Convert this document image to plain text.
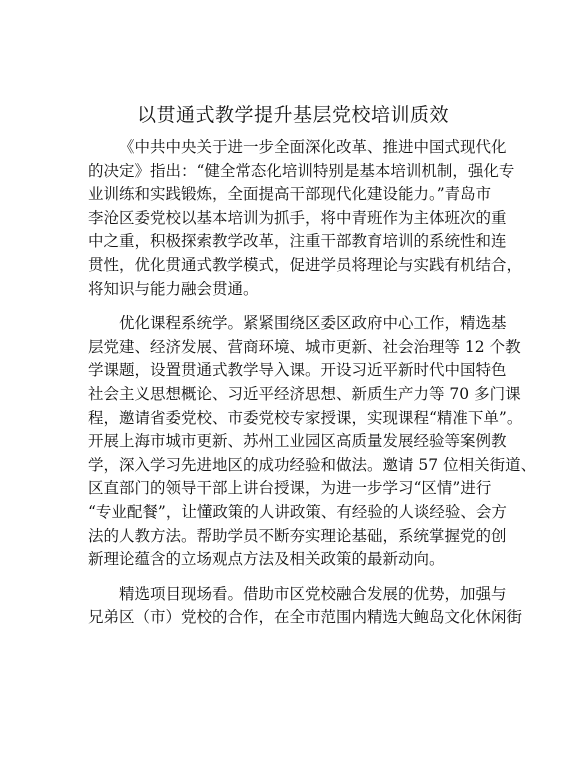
以贯通式教学提升基层党校培训质效
《中共中央关于进一步全面深化改革、推进中国式现代化
的决定》指出：“健全常态化培训特别是基本培训机制，强化专
业训练和实践锻炼，全面提高干部现代化建设能力。”青岛市
李沧区委党校以基本培训为抓手，将中青班作为主体班次的重
中之重，积极探索教学改革，注重干部教育培训的系统性和连
贯性，优化贯通式教学模式，促进学员将理论与实践有机结合，
将知识与能力融会贯通。
优化课程系统学。紧紧围绕区委区政府中心工作，精选基
层党建、经济发展、营商环境、城市更新、社会治理等 12 个教
学课题，设置贯通式教学导入课。开设习近平新时代中国特色
社会主义思想概论、习近平经济思想、新质生产力等 70 多门课
程，邀请省委党校、市委党校专家授课，实现课程“精准下单”。
开展上海市城市更新、苏州工业园区高质量发展经验等案例教
学，深入学习先进地区的成功经验和做法。邀请 57 位相关街道、
区直部门的领导干部上讲台授课，为进一步学习“区情”进行
“专业配餐”，让懂政策的人讲政策、有经验的人谈经验、会方
法的人教方法。帮助学员不断夯实理论基础，系统掌握党的创
新理论蕴含的立场观点方法及相关政策的最新动向。
精选项目现场看。借助市区党校融合发展的优势，加强与
兄弟区（市）党校的合作，在全市范围内精选大鲍岛文化休闲街
